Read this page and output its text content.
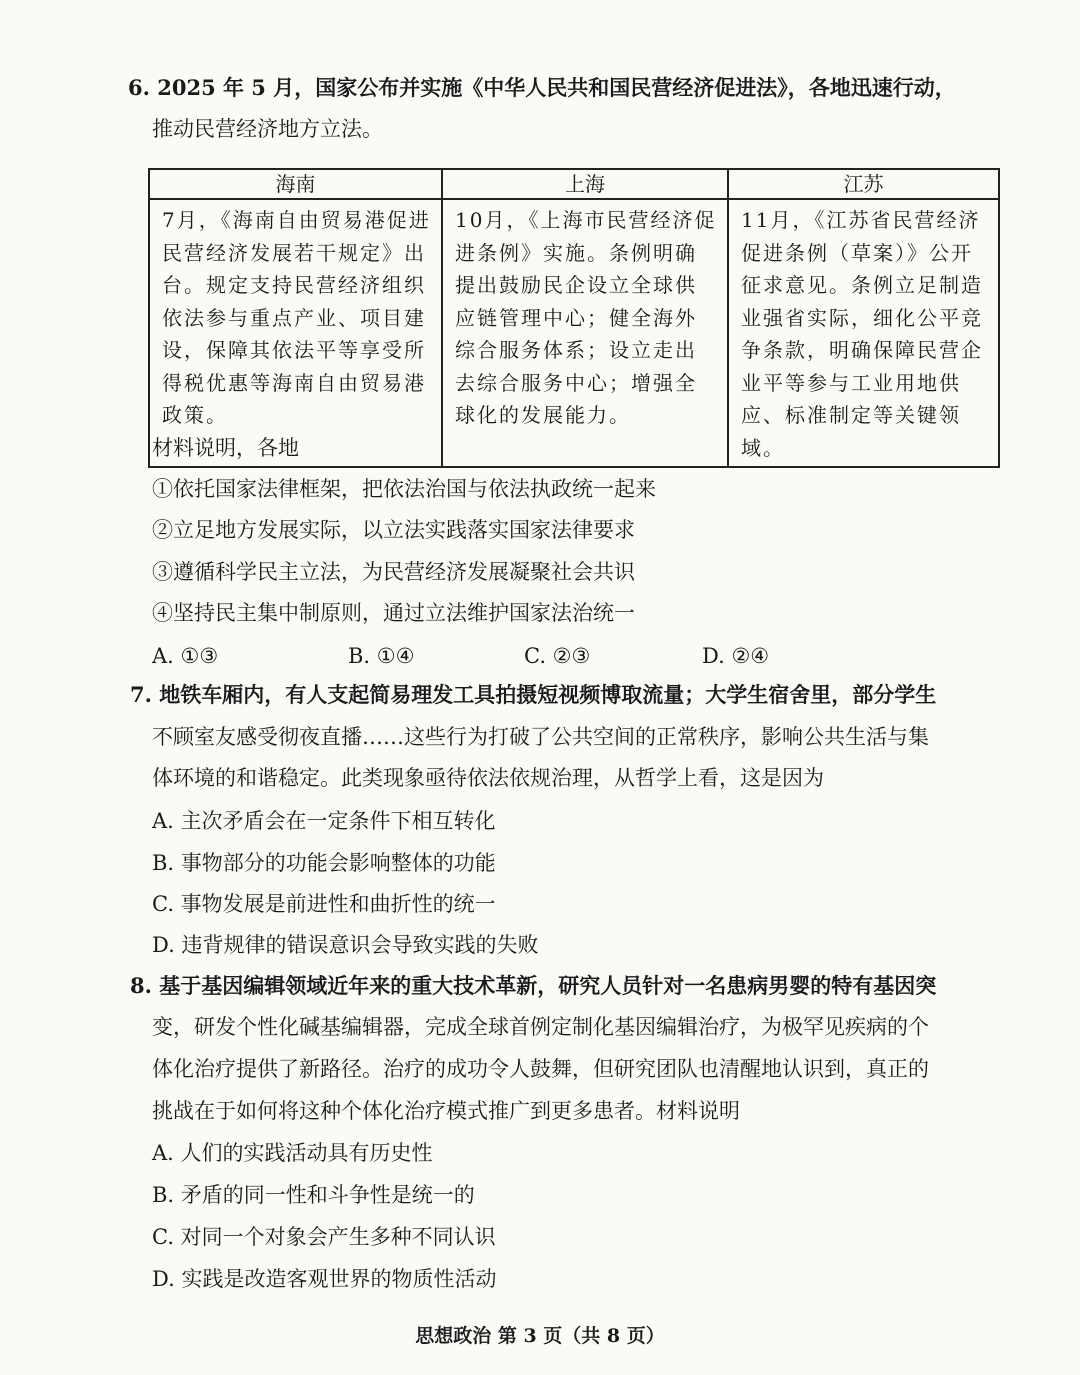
6. 2025 年 5 月，国家公布并实施《中华人民共和国民营经济促进法》，各地迅速行动，
推动民营经济地方立法。
海南	上海	江苏
7月，《海南自由贸易港促进民营经济发展若干规定》出台。规定支持民营经济组织依法参与重点产业、项目建设，保障其依法平等享受所得税优惠等海南自由贸易港政策。	10月，《上海市民营经济促进条例》实施。条例明确提出鼓励民企设立全球供应链管理中心；健全海外综合服务体系；设立走出去综合服务中心；增强全球化的发展能力。	11月，《江苏省民营经济促进条例（草案）》公开征求意见。条例立足制造业强省实际，细化公平竞争条款，明确保障民营企业平等参与工业用地供应、标准制定等关键领域。
材料说明，各地
①依托国家法律框架，把依法治国与依法执政统一起来
②立足地方发展实际，以立法实践落实国家法律要求
③遵循科学民主立法，为民营经济发展凝聚社会共识
④坚持民主集中制原则，通过立法维护国家法治统一
A. ①③	B. ①④	C. ②③	D. ②④
7. 地铁车厢内，有人支起简易理发工具拍摄短视频博取流量；大学生宿舍里，部分学生
不顾室友感受彻夜直播……这些行为打破了公共空间的正常秩序，影响公共生活与集
体环境的和谐稳定。此类现象亟待依法依规治理，从哲学上看，这是因为
A. 主次矛盾会在一定条件下相互转化
B. 事物部分的功能会影响整体的功能
C. 事物发展是前进性和曲折性的统一
D. 违背规律的错误意识会导致实践的失败
8. 基于基因编辑领域近年来的重大技术革新，研究人员针对一名患病男婴的特有基因突
变，研发个性化碱基编辑器，完成全球首例定制化基因编辑治疗，为极罕见疾病的个
体化治疗提供了新路径。治疗的成功令人鼓舞，但研究团队也清醒地认识到，真正的
挑战在于如何将这种个体化治疗模式推广到更多患者。材料说明
A. 人们的实践活动具有历史性
B. 矛盾的同一性和斗争性是统一的
C. 对同一个对象会产生多种不同认识
D. 实践是改造客观世界的物质性活动
思想政治 第 3 页（共 8 页）
